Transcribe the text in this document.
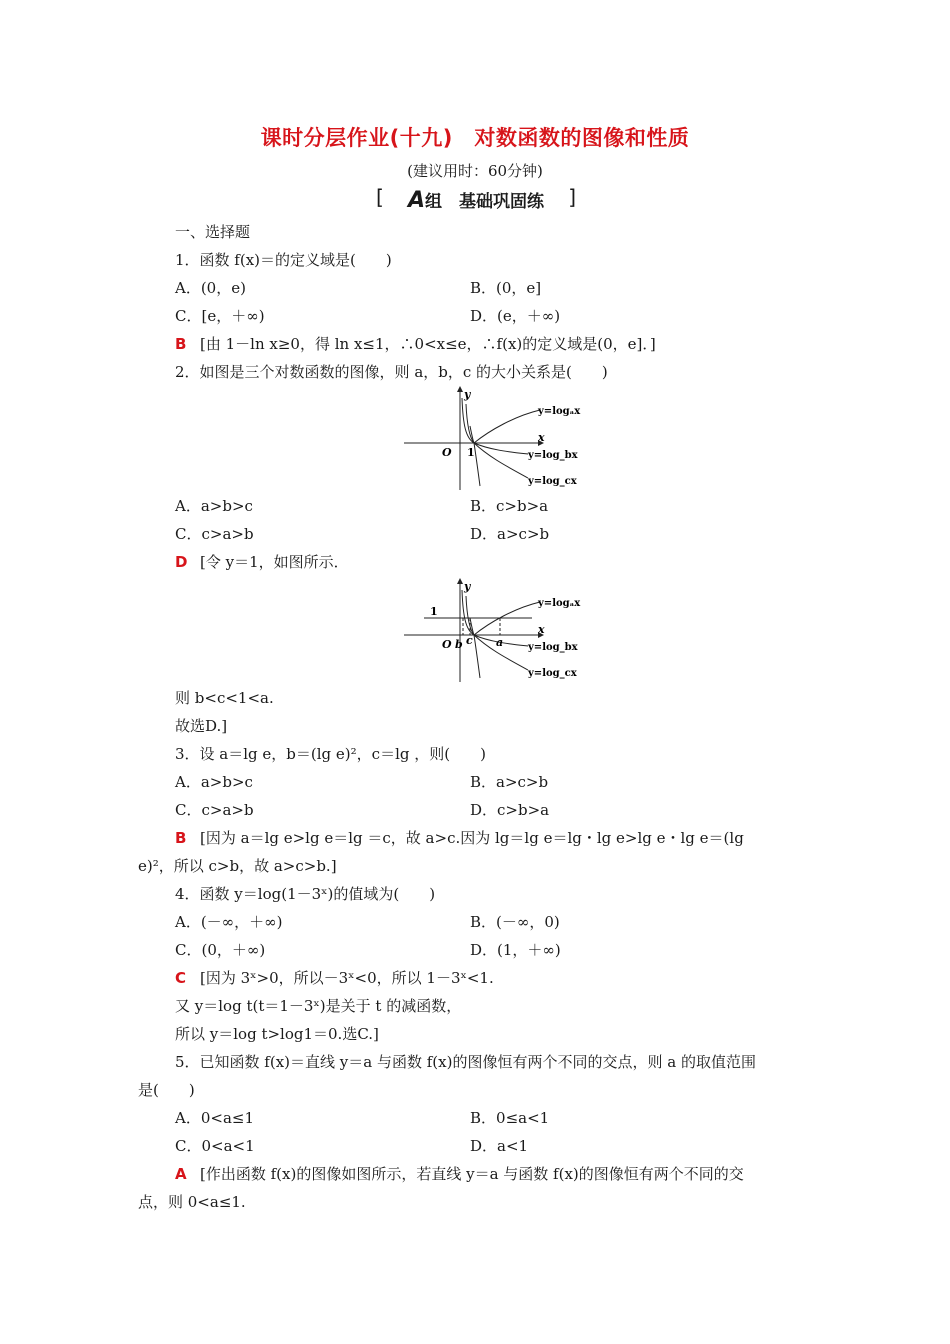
课时分层作业(十九)　对数函数的图像和性质
(建议用时：60分钟)
[ A组　基础巩固练 ]
一、选择题
1．函数 f(x)＝的定义域是(　　)
A．(0，e)	B．(0，e]
C．[e，＋∞)	D．(e，＋∞)
B [由 1－ln x≥0，得 ln x≤1，∴0<x≤e，∴f(x)的定义域是(0，e]．]
2．如图是三个对数函数的图像，则 a，b，c 的大小关系是(　　)
y
x
O 1
y=logₐx
y=log_bx
y=log_cx
A．a>b>c	B．c>b>a
C．c>a>b	D．a>c>b
D [令 y＝1，如图所示．
y
x
O
1
b c a
y=logₐx
y=log_bx
y=log_cx
则 b<c<1<a.
故选D.]
3．设 a＝lg e，b＝(lg e)²，c＝lg ，则(　　)
A．a>b>c	B．a>c>b
C．c>a>b	D．c>b>a
B [因为 a＝lg e>lg e＝lg ＝c，故 a>c.因为 lg＝lg e＝lg・lg e>lg e・lg e＝(lg
e)²，所以 c>b，故 a>c>b.]
4．函数 y＝log(1－3ˣ)的值域为(　　)
A．(－∞，＋∞)	B．(－∞，0)
C．(0，＋∞)	D．(1，＋∞)
C [因为 3ˣ>0，所以－3ˣ<0，所以 1－3ˣ<1.
又 y＝log t(t＝1－3ˣ)是关于 t 的减函数，
所以 y＝log t>log1＝0.选C.]
5．已知函数 f(x)＝直线 y＝a 与函数 f(x)的图像恒有两个不同的交点，则 a 的取值范围
是(　　)
A．0<a≤1	B．0≤a<1
C．0<a<1	D．a<1
A [作出函数 f(x)的图像如图所示，若直线 y＝a 与函数 f(x)的图像恒有两个不同的交
点，则 0<a≤1.
